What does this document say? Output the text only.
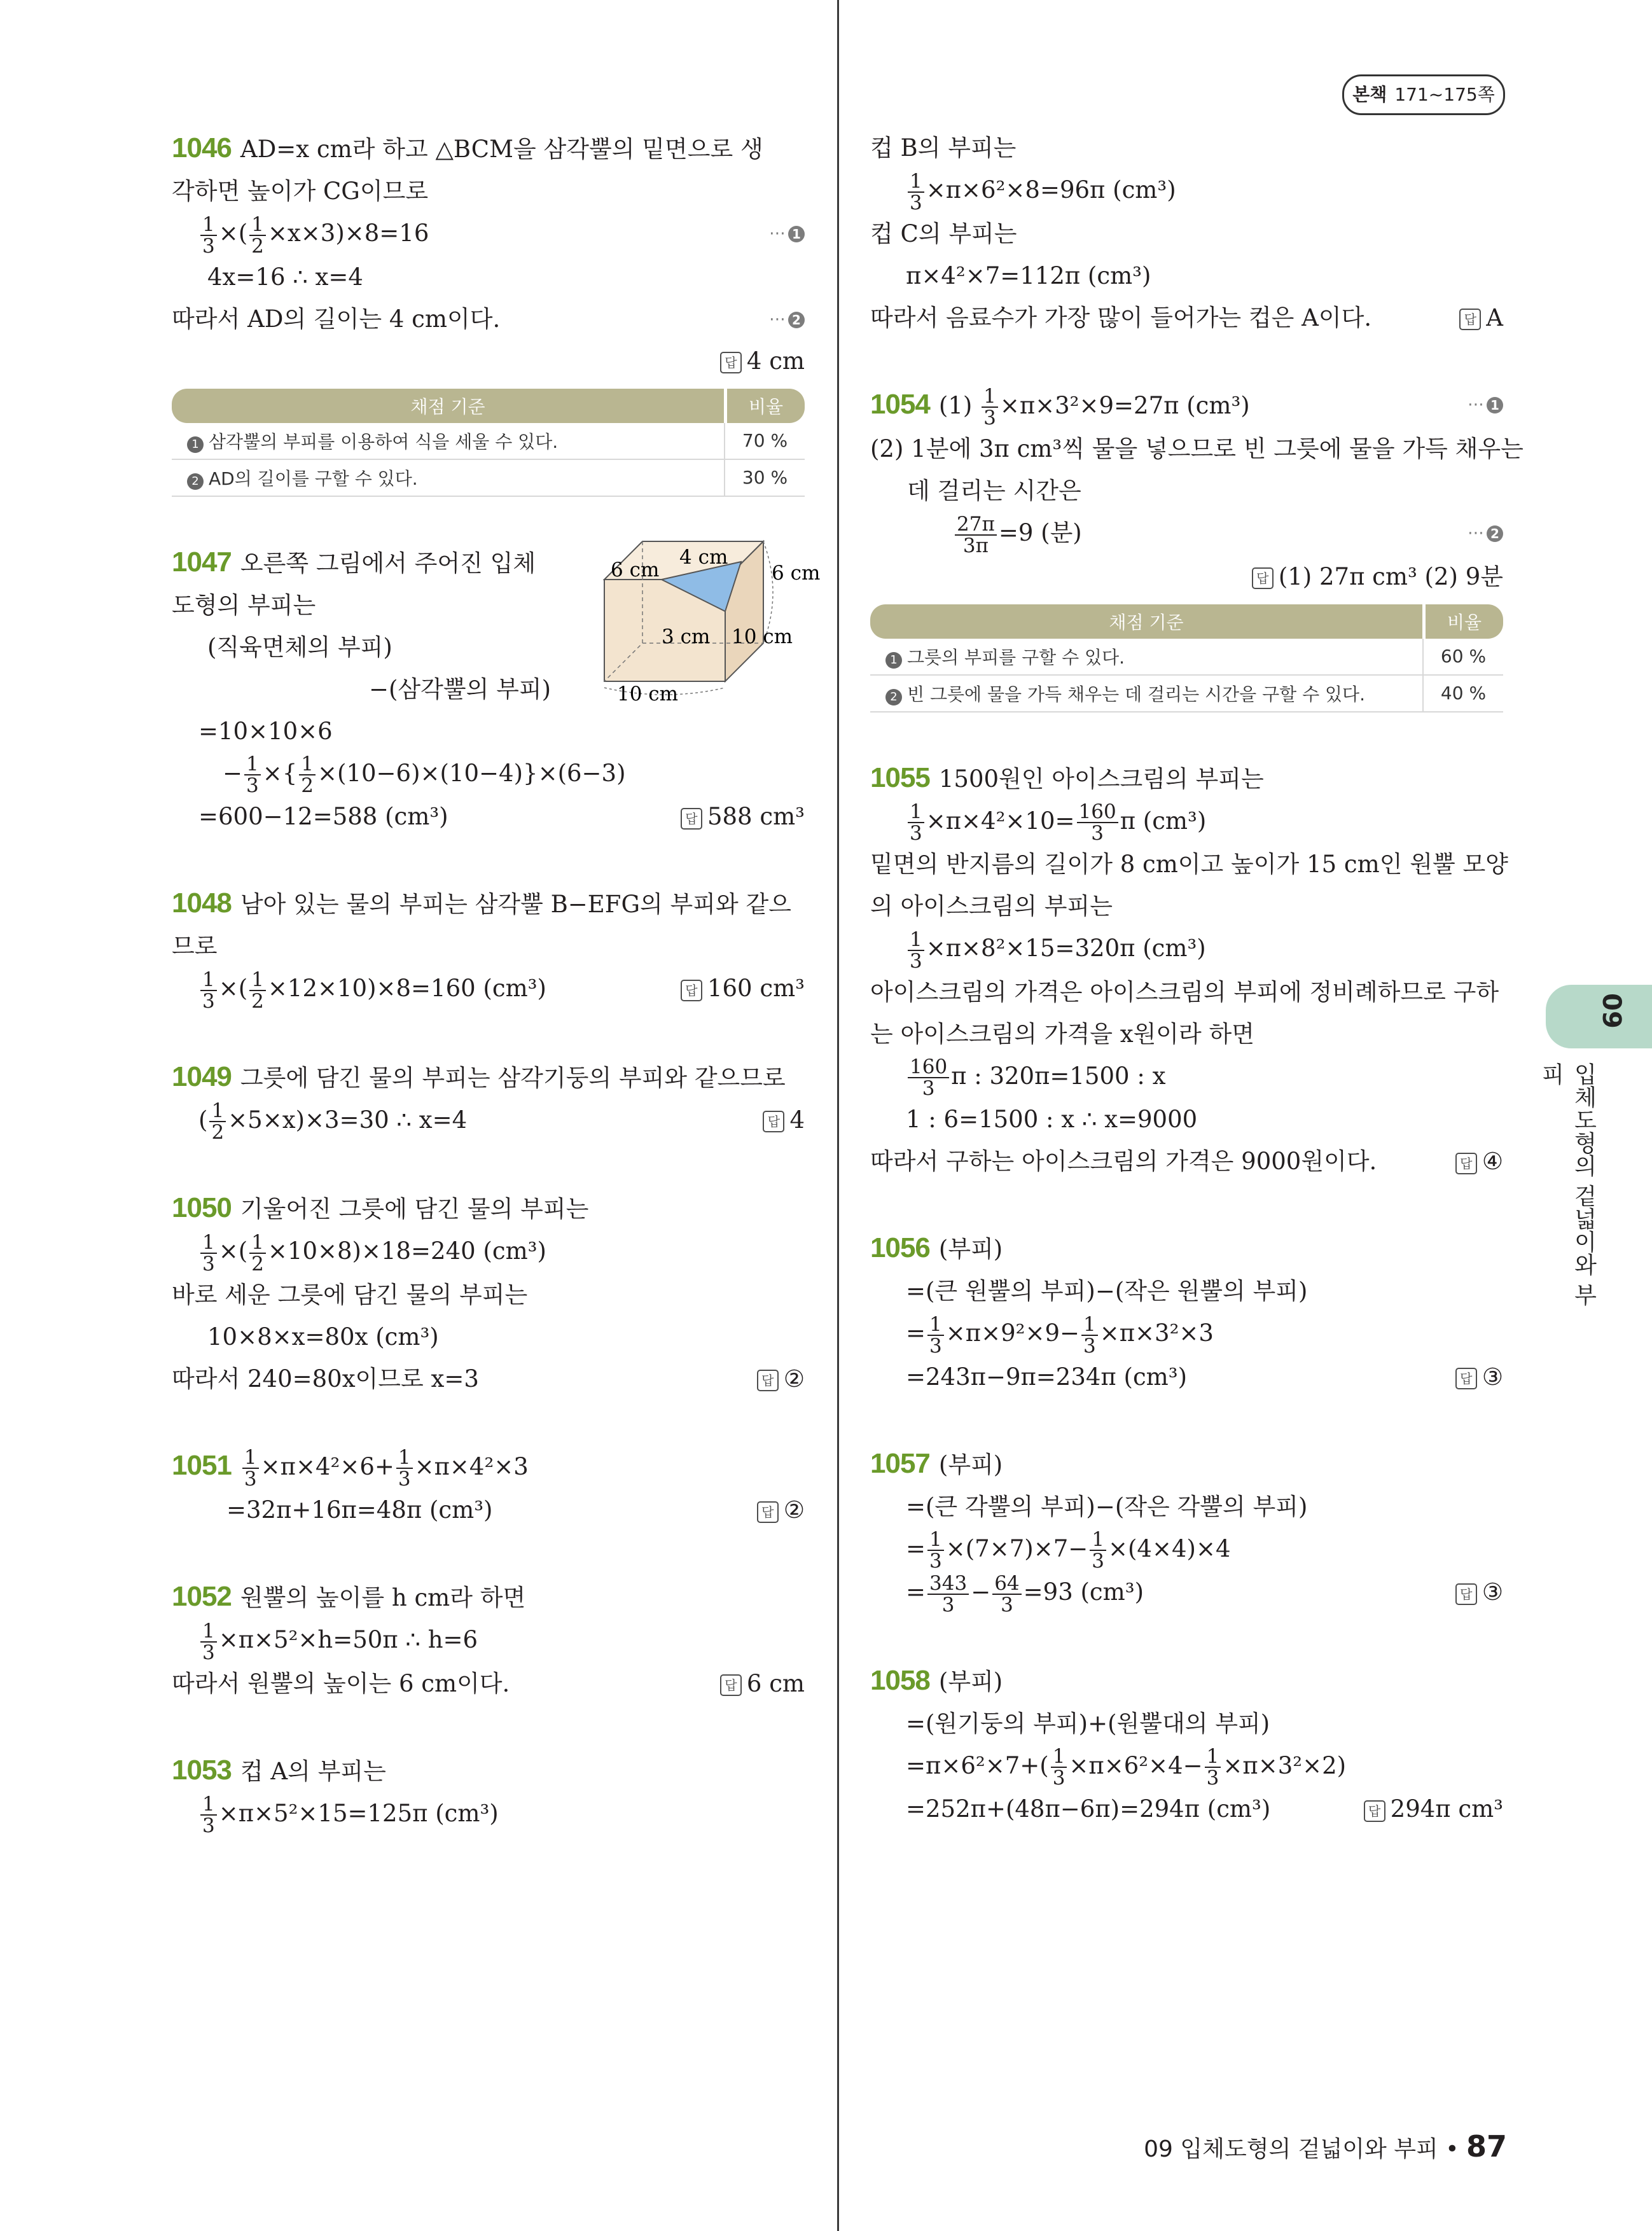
본책 171~175쪽
09
입체도형의 겉넓이와 부피
1046 AD=x cm라 하고 △BCM을 삼각뿔의 밑면으로 생
각하면 높이가 CG이므로
$\frac{1}{3}$ ×( $\frac{1}{2} \times x\times 3)\times 8=16$	⋯ 1
4x=16 ∴ x=4
따라서 AD의 길이는 4 cm이다.	⋯ 2
답 4 cm
채점 기준	비율
1 삼각뿔의 부피를 이용하여 식을 세울 수 있다.	70 %
2 AD의 길이를 구할 수 있다.	30 %
1047 오른쪽 그림에서 주어진 입체
도형의 부피는
(직육면체의 부피)
−(삼각뿔의 부피)
=10×10×6
− $\frac{1}{3}$ ×{ $\frac{1}{2} \times(10-6)\times(10-4)\}\times(6-3)$
=600−12=588 (cm³)	답 588 cm³
4 cm
6 cm	6 cm
3 cm 10 cm
10 cm
1048 남아 있는 물의 부피는 삼각뿔 B−EFG의 부피와 같으
므로
$\frac{1}{3}$ ×( $\frac{1}{2} \times 12\times 10)\times 8=160$ (cm³)	답 160 cm³
1049 그릇에 담긴 물의 부피는 삼각기둥의 부피와 같으므로
( $\frac{1}{2} \times 5\times x)\times 3=30$ ∴ x=4	답 4
1050 기울어진 그릇에 담긴 물의 부피는
$\frac{1}{3}$ ×( $\frac{1}{2} \times 10\times 8)\times 18=240$ (cm³)
바로 세운 그릇에 담긴 물의 부피는
10×8×x=80x (cm³)
따라서 240=80x이므로 x=3	답 ②
$1051 \frac{1}{3} \times\pi\times 4^2\times 6+ \frac{1}{3} \times\pi\times 4^2\times 3$
=32π+16π=48π (cm³)	답 ②
1052 원뿔의 높이를 h cm라 하면
$\frac{1}{3} \times\pi\times 5^2\times h=50\pi$ ∴ h=6
따라서 원뿔의 높이는 6 cm이다.	답 6 cm
1053 컵 A의 부피는
$\frac{1}{3} \times\pi\times 5^2\times 15=125\pi$ (cm³)
컵 B의 부피는
$\frac{1}{3} \times\pi\times 6^2\times 8=96\pi$ (cm³)
컵 C의 부피는
π×4²×7=112π (cm³)
따라서 음료수가 가장 많이 들어가는 컵은 A이다.	답 A
1054 $(1) \frac{1}{3} \times\pi\times 3^2\times 9=27\pi$ (cm³)	⋯ 1
(2) 1분에 3π cm³씩 물을 넣으므로 빈 그릇에 물을 가득 채우는
데 걸리는 시간은
$\frac{27\pi}{3\pi} =9$ (분)	⋯ 2
답 (1) 27π cm³ (2) 9분
채점 기준	비율
1 그릇의 부피를 구할 수 있다.	60 %
2 빈 그릇에 물을 가득 채우는 데 걸리는 시간을 구할 수 있다.	40 %
1055 1500원인 아이스크림의 부피는
$\frac{1}{3} \times\pi\times 4^2\times 10= \frac{160}{3}$ π (cm³)
밑면의 반지름의 길이가 8 cm이고 높이가 15 cm인 원뿔 모양
의 아이스크림의 부피는
$\frac{1}{3} \times\pi\times 8^2\times 15=320\pi$ (cm³)
아이스크림의 가격은 아이스크림의 부피에 정비례하므로 구하
는 아이스크림의 가격을 x원이라 하면
$\frac{160}{3}$ π : 320π=1500 : x
1 : 6=1500 : x ∴ x=9000
따라서 구하는 아이스크림의 가격은 9000원이다.	답 ④
1056 (부피)
=(큰 원뿔의 부피)−(작은 원뿔의 부피)
= $\frac{1}{3} \times\pi\times 9^2\times 9- \frac{1}{3} \times\pi\times 3^2\times 3$
=243π−9π=234π (cm³)	답 ③
1057 (부피)
=(큰 각뿔의 부피)−(작은 각뿔의 부피)
= $\frac{1}{3} \times(7\times 7)\times 7- \frac{1}{3} \times(4\times 4)\times 4$
= $\frac{343}{3} - \frac{64}{3} =93$ (cm³)	답 ③
1058 (부피)
=(원기둥의 부피)+(원뿔대의 부피)
$=\pi\times 6^2\times 7+( \frac{1}{3} \times\pi\times 6^2\times 4- \frac{1}{3} \times\pi\times 3^2\times 2)$
=252π+(48π−6π)=294π (cm³)	답 294π cm³
09 입체도형의 겉넓이와 부피 • 87
